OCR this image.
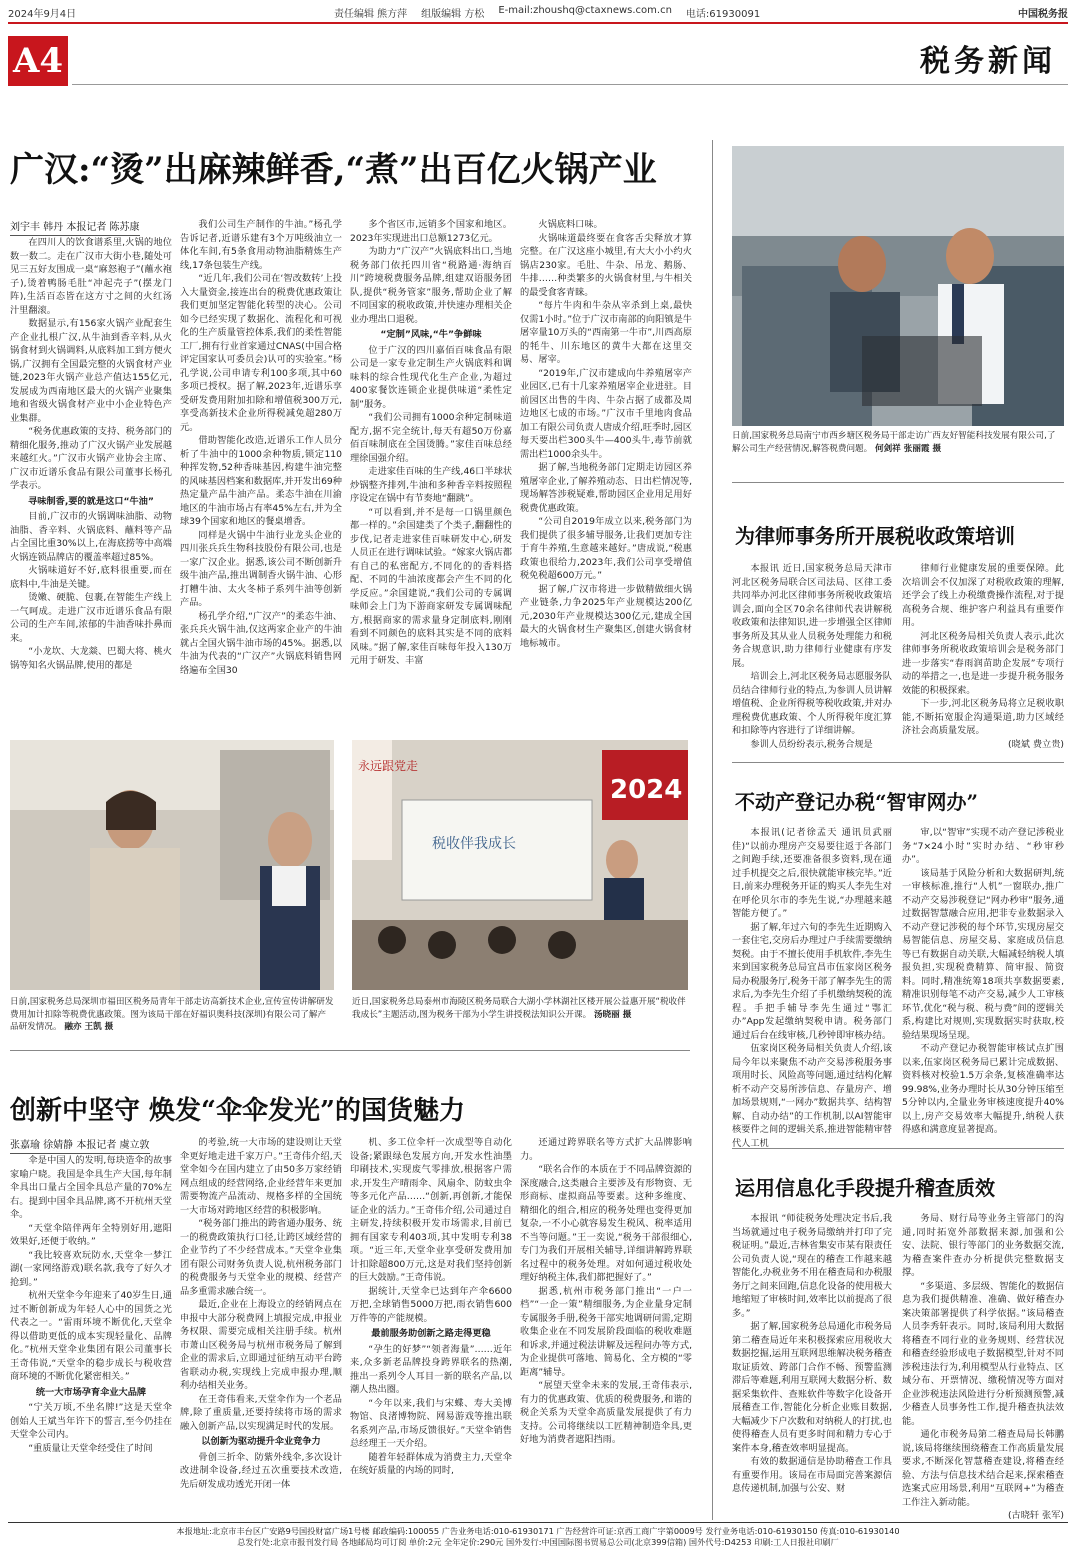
2024年9月4日	责任编辑 熊方萍 组版编辑 方松 E-mail:zhoushq@ctaxnews.com.cn 电话:61930091	中国税务报
A4	税务新闻
广汉:“烫”出麻辣鲜香,“煮”出百亿火锅产业
刘宇丰 韩丹 本报记者 陈苏康

在四川人的饮食谱系里,火锅的地位数一数二。走在广汉市大街小巷,随处可见三五好友围成一桌“麻怒袍子”(蘸水袍子),烫着鸭肠毛肚“冲起壳子”(摆龙门阵),生活百态皆在这方寸之间的火红汤汁里翻滚。

数据显示,有156家火锅产业配套生产企业扎根广汉,从牛油到香辛料,从火锅食材到火锅调料,从底料加工到方便火锅,广汉拥有全国最完整的火锅食材产业链,2023年火锅产业总产值达155亿元,发展成为西南地区最大的火锅产业聚集地和省级火锅食材产业中小企业特色产业集群。

“税务优惠政策的支持、税务部门的精细化服务,推动了广汉火锅产业发展越来越红火。”广汉市火锅产业协会主席、广汉市近谱乐食品有限公司董事长杨孔学表示。

寻味制香,要的就是这口“牛油”

目前,广汉市的火锅调味油脂、动物油脂、香辛料、火锅底料、蘸料等产品占全国比重30%以上,在海底捞等中高端火锅连锁品牌店的覆盖率超过85%。

火锅味道好不好,底料很重要,而在底料中,牛油是关键。

烫嫩、硬脆、包裹,在智能生产线上一气呵成。走进广汉市近谱乐食品有限公司的生产车间,浓郁的牛油香味扑鼻而来。

“小龙坎、大龙燚、巴蜀大将、桃火锅等知名火锅品牌,使用的都是

我们公司生产制作的牛油。”杨孔学告诉记者,近谱乐建有3个万吨级油立一体化车间,有5条食用动物油脂精炼生产线,17条包装生产线。

“近几年,我们公司在‘智改数转’上投入大量资金,接连出台的税费优惠政策让我们更加坚定智能化转型的决心。公司如今已经实现了数据化、流程化和可视化的生产质量管控体系,我们的柔性智能工厂,拥有行业首家通过CNAS(中国合格评定国家认可委员会)认可的实验室。”杨孔学说,公司申请专利100多项,其中60多项已授权。据了解,2023年,近谱乐享受研发费用附加扣除和增值税300万元,享受高新技术企业所得税减免超280万元。

借助智能化改造,近谱乐工作人员分析了牛油中的1000余种物质,锁定110种挥发物,52种香味基因,构建牛油完整的风味基因档案和数据库,并开发出69种热定量产品牛油产品。柔态牛油在川渝地区的牛油市场占有率45%左右,并为全球39个国家和地区的餐桌增香。

同样是火锅中牛油行业龙头企业的四川张兵兵生物科技股份有限公司,也是一家广汉企业。据悉,该公司不断创新升级牛油产品,推出调制香火锅牛油、心形打糟牛油、太火冬柿子系列牛油等创新产品。

杨孔学介绍,“广汉产”的柔态牛油、张兵兵火锅牛油,仅这两家企业产的牛油就占全国火锅牛油市场的45%。据悉,以牛油为代表的“广汉产”火锅底料销售网络遍布全国30

多个省区市,远销多个国家和地区。2023年实现进出口总额1273亿元。

为助力“广汉产”火锅底料出口,当地税务部门依托四川省“税路通·海纳百川”跨境税费服务品牌,组建双语服务团队,提供“税务管家”服务,帮助企业了解不同国家的税收政策,并快速办理相关企业办理出口退税。

“定制”风味,“牛”争鲜味

位于广汉的四川嘉佰百味食品有限公司是一家专业定制生产火锅底料和调味料的综合性现代化生产企业,为超过400家餐饮连锁企业提供味道“柔性定制”服务。

“我们公司拥有1000余种定制味道配方,据不完全统计,每天有超50万份嘉佰百味制底在全国烫腾。”家佳百味总经理徐国强介绍。

走进家佳百味的生产线,46口半球状炒锅整齐排列,牛油和多种香辛料按照程序设定在锅中有节奏地“翻跳”。

“可以看到,并不是每一口锅里颜色都一样的。”余国建类了个类子,翻翻性的步伐,记者走进家佳百味研发中心,研发人员正在进行调味试验。“嫁家火锅店都有自己的私密配方,不同化的的香料搭配、不同的牛油浓度都会产生不同的化学反应。”余国建说,“我们公司的专属调味师会上门为下游商家研发专属调味配方,根据商家的需求量身定制底料,刚刚看到不同颜色的底料其实是不同的底料风味。”据了解,家佳百味每年投入130万元用于研发、丰富

火锅底料口味。

火锅味道最终要在食客舌尖释放才算完整。在广汉这座小城里,有大大小小约火锅店230家。毛肚、牛杂、吊龙、鹅肠、牛排……种类繁多的火锅食材里,与牛相关的最受食客青睐。

“每片牛肉和牛杂从宰杀到上桌,最快仅需1小时。”位于广汉市南部的向阳镇是牛屠宰量10万头的“西南第一牛市”,川西高原的牦牛、川东地区的黄牛大都在这里交易、屠宰。

“2019年,广汉市建成向牛养殖屠宰产业园区,已有十几家养殖屠宰企业进驻。目前园区出售的牛肉、牛杂占据了成都及周边地区七成的市场。”广汉市千里地肉食品加工有限公司负责人唐成介绍,旺季时,园区每天要出栏300头牛—400头牛,毒节前就需出栏1000余头牛。

据了解,当地税务部门定期走访园区养殖屠宰企业,了解养殖动态、日出栏情况等,现场解答涉税疑难,帮助园区企业用足用好税费优惠政策。

“公司自2019年成立以来,税务部门为我们提供了很多辅导服务,让我们更加专注于育牛养殖,生意越来越好。”唐成说,“税惠政策也很给力,2023年,我们公司享受增值税免税超600万元。”

据了解,广汉市将进一步做精做细火锅产业链条,力争2025年产业规模达200亿元,2030年产业规模达300亿元,建成全国最大的火锅食材生产聚集区,创建火锅食材地标城市。

日前,国家税务总局南宁市西乡塘区税务局干部走访广西友好智能科技发展有限公司,了解公司生产经营情况,解答税费问题。 何剑祥 张丽霞 摄
为律师事务所开展税收政策培训

本报讯 近日,国家税务总局天津市河北区税务局联合区司法局、区律工委共同举办河北区律师事务所税收政策培训会,面向全区70余名律师代表讲解税收政策和法律知识,进一步增强全区律师事务所及其从业人员税务处理能力和税务合规意识,助力律师行业健康有序发展。

培训会上,河北区税务局志愿服务队员结合律师行业的特点,为参训人员讲解增值税、企业所得税等税收政策,并对办理税费优惠政策、个人所得税年度汇算和扣除等内容进行了详细讲解。

参训人员纷纷表示,税务合规是

律师行业健康发展的重要保障。此次培训会不仅加深了对税收政策的理解,还学会了线上办税缴费操作流程,对于提高税务合规、维护客户利益具有重要作用。

河北区税务局相关负责人表示,此次律师事务所税收政策培训会是税务部门进一步落实“春雨润苗助企发展”专项行动的举措之一,也是进一步提升税务服务效能的积极探索。

下一步,河北区税务局将立足税收职能,不断拓宽服企沟通渠道,助力区域经济社会高质量发展。

(晓斌 费立贵)

永远跟党走
2024
税收伴我成长
日前,国家税务总局深圳市福田区税务局青年干部走访高新技术企业,宣传宣传讲解研发费用加计扣除等税费优惠政策。图为该局干部在好福识奥科技(深圳)有限公司了解产品研发情况。 融亦 王凯 摄
近日,国家税务总局泰州市海陵区税务局联合大湖小学林湖社区楼开展公益惠开展“税收伴我成长”主题活动,图为税务干部为小学生讲授税法知识公开课。 汤晓丽 摄
不动产登记办税“智审网办”

本报讯(记者徐孟天 通讯员武丽佳)“以前办理房产交易要往返于各部门之间跑手续,还要准备很多资料,现在通过手机提交之后,很快就能审核完毕。”近日,前来办理税务开证的购买人李先生对在呼伦贝尔市的李先生说,“办理越来越智能方便了。”

据了解,年过六旬的李先生近期购入一套住宅,交房后办理过户手续需要缴纳契税。由于不擅长使用手机软件,李先生来到国家税务总局宜昌市伍家岗区税务局办税服务厅,税务干部了解李先生的需求后,为李先生介绍了手机缴纳契税的流程。手把手辅导李先生通过“鄂汇办”App发起缴纳契税申请。税务部门通过后台在线审核,几秒钟即审核办结。

伍家岗区税务局相关负责人介绍,该局今年以来聚焦不动产交易涉税服务事项用时长、风险高等问题,通过结构化解析不动产交易所涉信息、存量房产、增加场景规则,“一网办”数据共享、结构智解、自动办结”的工作机制,以AI智能审核要件之间的逻辑关系,推进智能精审替代人工机

审,以“智审”实现不动产登记涉税业务“7×24小时”实时办结、“秒审秒办”。

该局基于风险分析和大数据研判,统一审核标准,推行“人机”一窗联办,推广不动产交易涉税登记“网办秒审”服务,通过数据智慧融合应用,把非专业数据录入不动产登记涉税的每个环节,实现房屋交易智能信息、房屋交易、家庭成员信息等已有数据自动关联,大幅减轻纳税人填报负担,实现税费精算、简审报、简资料。同时,精准统筹18项共享数据要素,精准识别每笔不动产交易,减少人工审核环节,优化“税与税、税与费”间的逻辑关系,构建比对规则,实现数据实时获取,校验结果现场呈现。

不动产登记办税智能审核试点扩围以来,伍家岗区税务局已累计完成数据、资料核对校验1.5万余条,复核准确率达99.98%,业务办理时长从30分钟压缩至5分钟以内,全量业务审核速度提升40%以上,房产交易效率大幅提升,纳税人获得感和满意度显著提高。

创新中坚守 焕发“伞伞发光”的国货魅力
张嘉瑜 徐婧静 本报记者 虞立敦

伞是中国人的发明,每块造伞的故事家喻户晓。我国是伞具生产大国,每年制伞具出口量占全国伞具总产量的70%左右。提到中国伞具品牌,离不开杭州天堂伞。

“天堂伞陪伴两年全特别好用,遮阳效果好,还便于收纳。”

“我比较喜欢玩防水,天堂伞一梦江湖(一家网络游戏)联名款,我夸了好久才抢到。”

杭州天堂伞今年迎来了40岁生日,通过不断创新成为年轻人心中的国货之光代表之一。“雷雨环境不断优化,天堂伞得以借助更低的成本实现轻量化、品牌化。”杭州天堂伞业集团有限公司董事长王奇伟说,“天堂伞的稳步成长与税收营商环境的不断优化紧密相关。”

统一大市场孕育伞业大品牌

“宁关万顷,不坐名牌!”这是天堂伞创始人王斌当年许下的誓言,至今仍挂在天堂伞公司内。

“重质量让天堂伞经受住了时间

的考验,统一大市场的建设则让天堂伞更好地走进千家万户。”王奇伟介绍,天堂伞如今在国内建立了由50多万家经销网点组成的经营网络,企业经营年来更加需要物流产品流动、规格多样的全国统一大市场对跨地区经营的积极影响。

“税务部门推出的跨省通办服务、统一的税费政策执行口径,让跨区域经营的企业节约了不少经营成本。”天堂伞业集团有限公司财务负责人说,杭州税务部门的税费服务与天堂伞业的规模、经营产品多重需求融合统一。

最近,企业在上海设立的经销网点在申报中大部分税费网上填报完成,申报业务权限、需要完成相关注册手续。杭州市萧山区税务局与杭州市税务局了解到企业的需求后,立即通过征纳互动平台跨省联动办税,实现线上完成申报办理,顺利办结相关业务。

在王奇伟看来,天堂伞作为一个老品牌,除了重质量,还要持续将市场的需求融入创新产品,以实现满足时代的发展。

以创新为驱动提升伞业竞争力

骨创三折伞、防紫外线伞,多次设计改进制伞设备,经过五次重要技术改造,先后研发成功透光开闭一体

机、多工位伞杆一次成型等自动化设备;紧跟绿色发展方向,开发水性油墨印刷技术,实现废气零排放,根据客户需求,开发生产晴雨伞、风扇伞、防蚊虫伞等多元化产品……“创新,再创新,才能保证企业的活力。”王奇伟介绍,公司通过自主研发,持续积极开发市场需求,目前已拥有国家专利403项,其中发明专利38项。“近三年,天堂伞业享受研发费用加计扣除超800万元,这是对我们坚持创新的巨大鼓励。”王奇伟说。

据统计,天堂伞已达到年产伞6600万把,全球销售5000万把,雨衣销售600万件等的产能规模。

最前服务助创新之路走得更稳

“孕生的好梦”“领者海量”……近年来,众多新老品牌投身跨界联名的热潮,推出一系列令人耳目一新的联名产品,以潮人热出圈。

“今年以来,我们与宋蝶、寿大美博物馆、良渚博物院、网易游戏等推出联名系列产品,市场反馈很好。”天堂伞销售总经理王一天介绍。

随着年轻群体成为消费主力,天堂伞在统好质量的内场的同时,

还通过跨界联名等方式扩大品牌影响力。

“联名合作的本质在于不同品牌资源的深度融合,这类融合主要涉及有形物资、无形商标、虚拟商品等要素。这种多维度、精细化的组合,相应的税务处理也变得更加复杂,一不小心就容易发生税风、税率适用不当等问题。”王一奕说,“税务干部很细心,专门为我们开展相关辅导,详细讲解跨界联名过程中的税务处理。对如何通过税收处理好纳税主体,我们都把握好了。”

据悉,杭州市税务部门推出“一户一档”“一企一策”精细服务,为企业量身定制专属服务手册,税务干部实地调研问需,定期收集企业在不同发展阶段面临的税收难题和诉求,并通过税法讲解及远程问办等方式,为企业提供可落地、简易化、全方模的“零距离”辅导。

“展望天堂伞未来的发展,王奇伟表示,有力的优惠政策、优质的税费服务,和谐的税企关系为天堂伞高质量发展提供了有力支持。公司将继续以工匠精神制造伞具,更好地为消费者遮阳挡雨。

运用信息化手段提升稽查质效

本报讯 “师徒税务处理决定书后,我当场就通过电子税务局缴纳并打印了完税证明。”最近,吉林省集安市某有限责任公司负责人说,“现在的稽查工作越来越智能化,办税业务不用在稽查局和办税服务厅之间来回跑,信息化设备的使用极大地缩短了审核时间,效率比以前提高了很多。”

据了解,国家税务总局通化市税务局第二稽查局近年来积极探索应用税收大数据挖掘,运用互联网思维解决税务稽查取证质效、跨部门合作不畅、预警监测滞后等难题,利用互联网大数据分析、数据采集软件、查账软件等数字化设备开展稽查工作,智能化分析企业账目数据,大幅减少下户次数和对纳税人的打扰,也使得稽查人员有更多时间和精力专心于案件本身,稽查效率明显提高。

有效的数据通信是协助稽查工作具有重要作用。该局在市局面完善案源信息传递机制,加强与公安、财

务局、财行局等业务主管部门的沟通,同时拓宽外部数据来源,加强和公安、法院、银行等部门的业务数据交流,为稽查案件查办分析提供完整数据支撑。

“多渠道、多层级、智能化的数据信息为我们提供精准、准确、做好稽查办案决策部署提供了科学依据。”该局稽查人员李秀轩表示。同时,该局利用大数据将稽查不同行业的业务规则、经营状况和稽查经验形成电子数据模型,针对不同涉税违法行为,利用模型从行业特点、区域分布、开票情况、缴税情况等方面对企业涉税违法风险进行分析预测预警,减少稽查人员事务性工作,提升稽查执法效能。

通化市税务局第二稽查局局长韩鹏说,该局将继续围绕稽查工作高质量发展要求,不断深化智慧稽查建设,将稽查经验、方法与信息技术结合起来,探索稽查选案式应用场景,利用“互联网+”为稽查工作注入新动能。

(古晓轩 张军)

本报地址:北京市丰台区广安路9号国投财富广场1号楼 邮政编码:100055 广告业务电话:010-61930171 广告经营许可证:京西工商广字第0009号 发行业务电话:010-61930150 传真:010-61930140
总发行处:北京市报刊发行局 各地邮局均可订阅 单价:2元 全年定价:290元 国外发行:中国国际图书贸易总公司(北京399信箱) 国外代号:D4253 印刷:工人日报社印刷厂
